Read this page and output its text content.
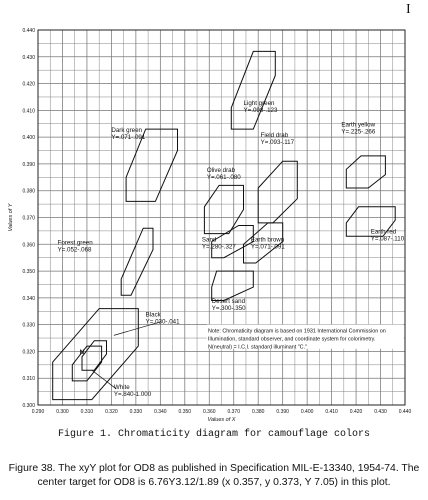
0.290 0.300 0.310 0.320 0.330 0.340 0.350 0.360 0.370 0.380 0.390 0.400 0.410 0.420 0.430 0.440
0.300
0.310
0.320
0.330
0.340
0.350
0.360
0.370
0.380
0.390
0.400
0.410
0.420
0.430
0.440
Values of X
Values of Y
Light green Y=.098-.123
Dark green Y=.071-.091
Olive drab Y=.061-.080
Field drab Y=.093-.117
Earth yellow Y=.225-.266
Earth red Y=.087-.110
Forest green Y=.052-.068
Sand Y=.280-.327
Earth brown Y=.071-.091
Desert sand Y=.300-.350
Black Y=.030-.041
White Y=.840-1.000
N
Note: Chromaticity diagram is based on 1931 International Commission on
Illumination, standard observer, and coordinate system for colorimetry.
N(neutral) = I.C.I. standard illuminant "C."
Figure 1. Chromaticity diagram for camouflage colors
I

Figure 38. The xyY plot for OD8 as published in Specification MIL-E-13340, 1954-74. The center target for OD8 is 6.76Y3.12/1.89 (x 0.357, y 0.373, Y 7.05) in this plot.
